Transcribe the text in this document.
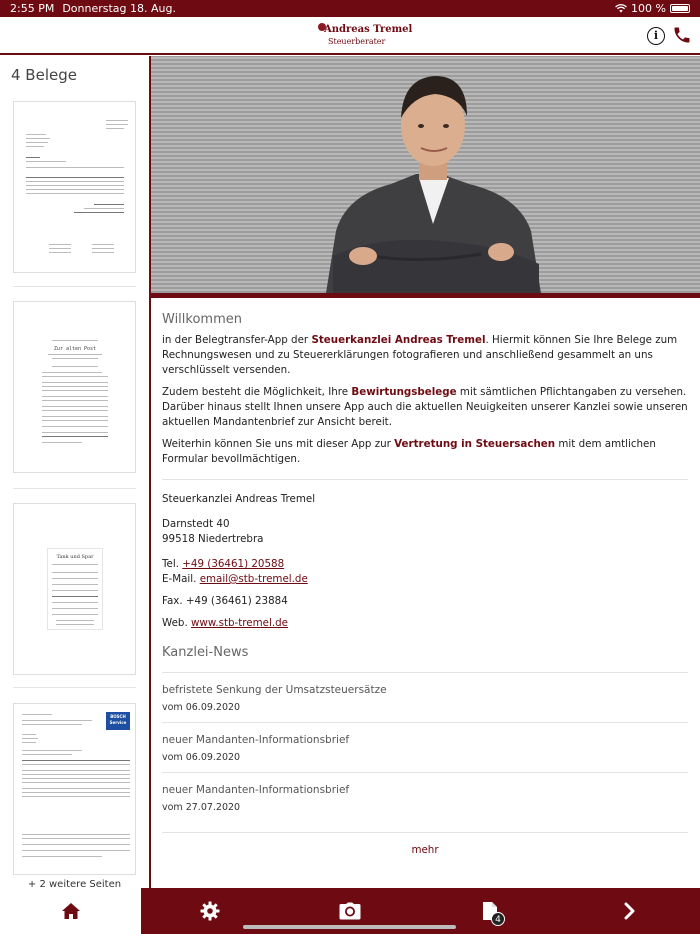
2:55 PM Donnerstag 18. Aug.	100 %
Andreas Tremel
Steuerberater	i
4 Belege
Zur alten Post
Tank und Spar
BOSCH Service
+ 2 weitere Seiten
Willkommen
in der Belegtransfer-App der Steuerkanzlei Andreas Tremel. Hiermit können Sie Ihre Belege zum Rechnungswesen und zu Steuererklärungen fotografieren und anschließend gesammelt an uns verschlüsselt versenden.
Zudem besteht die Möglichkeit, Ihre Bewirtungsbelege mit sämtlichen Pflichtangaben zu versehen. Darüber hinaus stellt Ihnen unsere App auch die aktuellen Neuigkeiten unserer Kanzlei sowie unseren aktuellen Mandantenbrief zur Ansicht bereit.
Weiterhin können Sie uns mit dieser App zur Vertretung in Steuersachen mit dem amtlichen Formular bevollmächtigen.
Steuerkanzlei Andreas Tremel
Darnstedt 40
99518 Niedertrebra
Tel. +49 (36461) 20588
E-Mail. email@stb-tremel.de
Fax. +49 (36461) 23884
Web. www.stb-tremel.de
Kanzlei-News
befristete Senkung der Umsatzsteuersätze
vom 06.09.2020
neuer Mandanten-Informationsbrief
vom 06.09.2020
neuer Mandanten-Informationsbrief
vom 27.07.2020
mehr
4
